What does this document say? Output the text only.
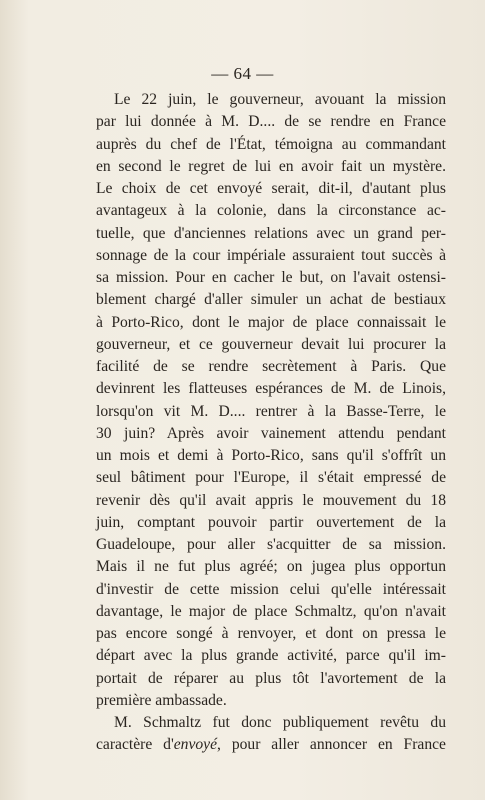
— 64 —
Le 22 juin, le gouverneur, avouant la mission
par lui donnée à M. D.... de se rendre en France
auprès du chef de l'État, témoigna au commandant
en second le regret de lui en avoir fait un mystère.
Le choix de cet envoyé serait, dit-il, d'autant plus
avantageux à la colonie, dans la circonstance ac-
tuelle, que d'anciennes relations avec un grand per-
sonnage de la cour impériale assuraient tout succès à
sa mission. Pour en cacher le but, on l'avait ostensi-
blement chargé d'aller simuler un achat de bestiaux
à Porto-Rico, dont le major de place connaissait le
gouverneur, et ce gouverneur devait lui procurer la
facilité de se rendre secrètement à Paris. Que
devinrent les flatteuses espérances de M. de Linois,
lorsqu'on vit M. D.... rentrer à la Basse-Terre, le
30 juin? Après avoir vainement attendu pendant
un mois et demi à Porto-Rico, sans qu'il s'offrît un
seul bâtiment pour l'Europe, il s'était empressé de
revenir dès qu'il avait appris le mouvement du 18
juin, comptant pouvoir partir ouvertement de la
Guadeloupe, pour aller s'acquitter de sa mission.
Mais il ne fut plus agréé; on jugea plus opportun
d'investir de cette mission celui qu'elle intéressait
davantage, le major de place Schmaltz, qu'on n'avait
pas encore songé à renvoyer, et dont on pressa le
départ avec la plus grande activité, parce qu'il im-
portait de réparer au plus tôt l'avortement de la
première ambassade.
M. Schmaltz fut donc publiquement revêtu du
caractère d'envoyé, pour aller annoncer en France
